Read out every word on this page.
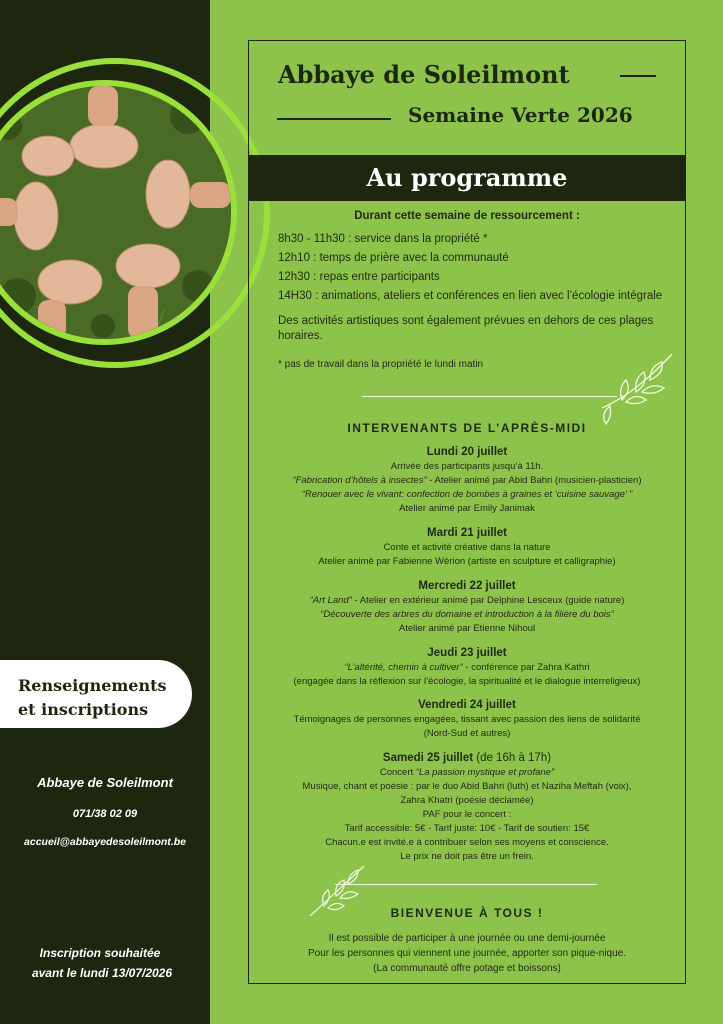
Renseignements
et inscriptions
Abbaye de Soleilmont
071/38 02 09
accueil@abbayedesoleilmont.be
Inscription souhaitée
avant le lundi 13/07/2026
Abbaye de Soleilmont
Semaine Verte 2026
Au programme
Durant cette semaine de ressourcement :
8h30 - 11h30 : service dans la propriété *
12h10 : temps de prière avec la communauté
12h30 : repas entre participants
14H30 : animations, ateliers et conférences en lien avec l’écologie intégrale
Des activités artistiques sont également prévues en dehors de ces plages horaires.
* pas de travail dans la propriété le lundi matin
INTERVENANTS DE L’APRÈS-MIDI
Lundi 20 juillet
Arrivée des participants jusqu’à 11h.
“Fabrication d’hôtels à insectes” - Atelier animé par Abid Bahri (musicien-plasticien)
“Renouer avec le vivant: confection de bombes à graines et ‘cuisine sauvage’ ”
Atelier animé par Emily Janimak
Mardi 21 juillet
Conte et activité créative dans la nature
Atelier animé par Fabienne Wérion (artiste en sculpture et calligraphie)
Mercredi 22 juillet
“Art Land” - Atelier en extérieur animé par Delphine Lesceux (guide nature)
“Découverte des arbres du domaine et introduction à la filière du bois”
Atelier animé par Etienne Nihoul
Jeudi 23 juillet
“L’altérité, chemin à cultiver” - conférence par Zahra Kathri
(engagée dans la réflexion sur l’écologie, la spiritualité et le dialogue interreligieux)
Vendredi 24 juillet
Témoignages de personnes engagées, tissant avec passion des liens de solidarité
(Nord-Sud et autres)
Samedi 25 juillet (de 16h à 17h)
Concert “La passion mystique et profane”
Musique, chant et poésie : par le duo Abid Bahri (luth) et Naziha Meftah (voix),
Zahra Khatri (poésie déclamée)
PAF pour le concert :
Tarif accessible: 5€ - Tarif juste: 10€ - Tarif de soutien: 15€
Chacun.e est invité.e à contribuer selon ses moyens et conscience.
Le prix ne doit pas être un frein.
BIENVENUE À TOUS !
Il est possible de participer à une journée ou une demi-journée
Pour les personnes qui viennent une journée, apporter son pique-nique.
(La communauté offre potage et boissons)
